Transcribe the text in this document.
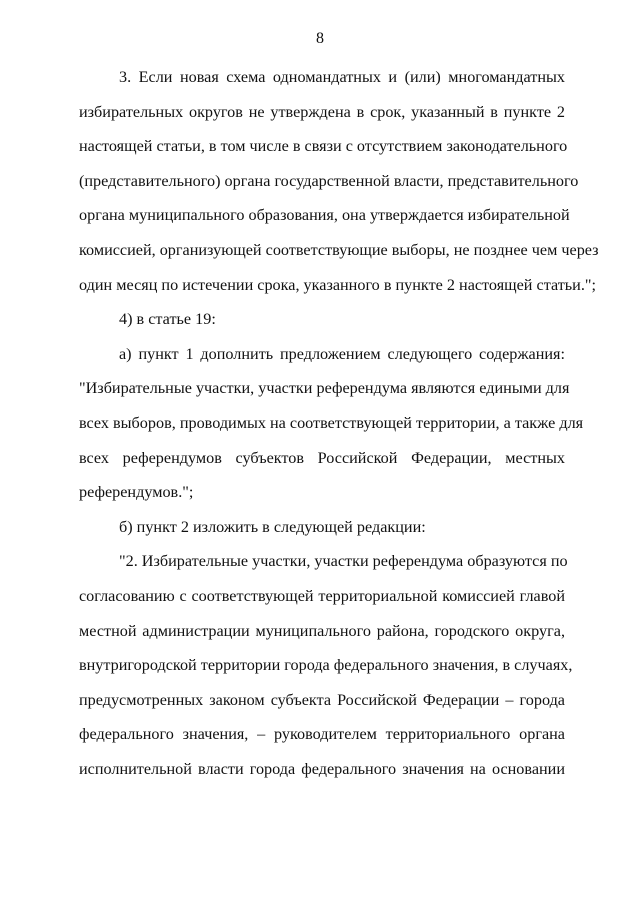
8
3. Если новая схема одномандатных и (или) многомандатных
избирательных округов не утверждена в срок, указанный в пункте 2
настоящей статьи, в том числе в связи с отсутствием законодательного
(представительного) органа государственной власти, представительного
органа муниципального образования, она утверждается избирательной
комиссией, организующей соответствующие выборы, не позднее чем через
один месяц по истечении срока, указанного в пункте 2 настоящей статьи.";
4) в статье 19:
а) пункт 1 дополнить предложением следующего содержания:
"Избирательные участки, участки референдума являются едиными для
всех выборов, проводимых на соответствующей территории, а также для
всех референдумов субъектов Российской Федерации, местных
референдумов.";
б) пункт 2 изложить в следующей редакции:
"2. Избирательные участки, участки референдума образуются по
согласованию с соответствующей территориальной комиссией главой
местной администрации муниципального района, городского округа,
внутригородской территории города федерального значения, в случаях,
предусмотренных законом субъекта Российской Федерации – города
федерального значения, – руководителем территориального органа
исполнительной власти города федерального значения на основании
